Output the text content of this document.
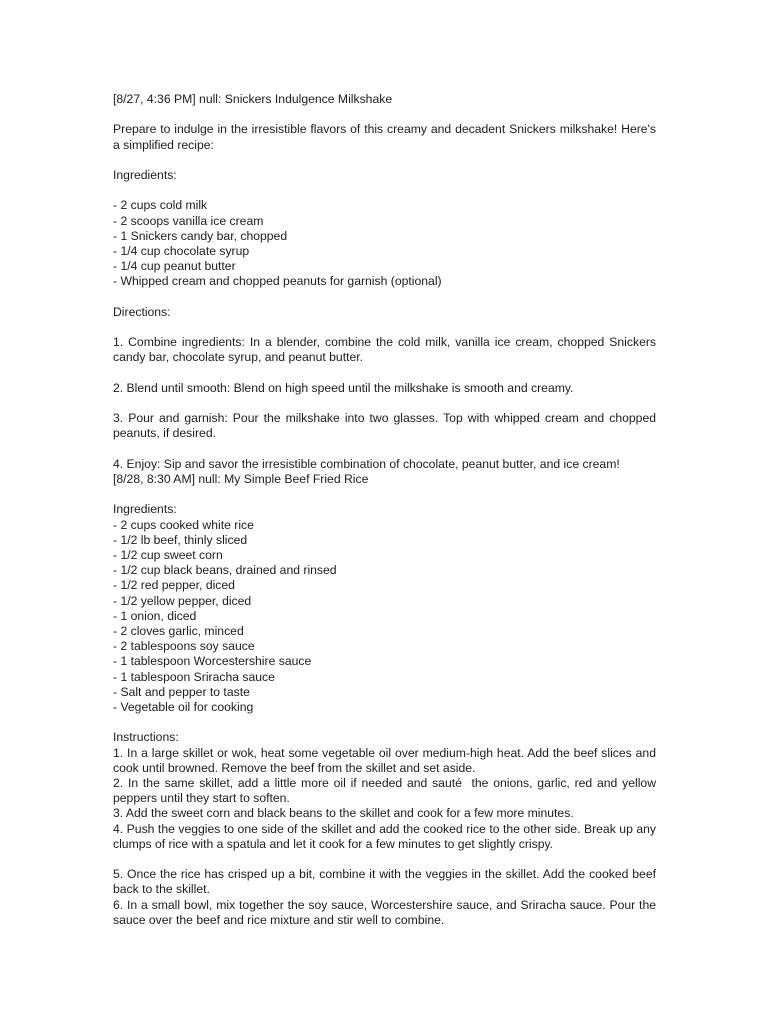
[8/27, 4:36 PM] null: Snickers Indulgence Milkshake
Prepare to indulge in the irresistible flavors of this creamy and decadent Snickers milkshake! Here's a simplified recipe:
Ingredients:
- 2 cups cold milk
- 2 scoops vanilla ice cream
- 1 Snickers candy bar, chopped
- 1/4 cup chocolate syrup
- 1/4 cup peanut butter
- Whipped cream and chopped peanuts for garnish (optional)
Directions:
1. Combine ingredients: In a blender, combine the cold milk, vanilla ice cream, chopped Snickers candy bar, chocolate syrup, and peanut butter.
2. Blend until smooth: Blend on high speed until the milkshake is smooth and creamy.
3. Pour and garnish: Pour the milkshake into two glasses. Top with whipped cream and chopped peanuts, if desired.
4. Enjoy: Sip and savor the irresistible combination of chocolate, peanut butter, and ice cream!
[8/28, 8:30 AM] null: My Simple Beef Fried Rice
Ingredients:
- 2 cups cooked white rice
- 1/2 lb beef, thinly sliced
- 1/2 cup sweet corn
- 1/2 cup black beans, drained and rinsed
- 1/2 red pepper, diced
- 1/2 yellow pepper, diced
- 1 onion, diced
- 2 cloves garlic, minced
- 2 tablespoons soy sauce
- 1 tablespoon Worcestershire sauce
- 1 tablespoon Sriracha sauce
- Salt and pepper to taste
- Vegetable oil for cooking
Instructions:
1. In a large skillet or wok, heat some vegetable oil over medium-high heat. Add the beef slices and cook until browned. Remove the beef from the skillet and set aside.
2. In the same skillet, add a little more oil if needed and sauté  the onions, garlic, red and yellow peppers until they start to soften.
3. Add the sweet corn and black beans to the skillet and cook for a few more minutes.
4. Push the veggies to one side of the skillet and add the cooked rice to the other side. Break up any clumps of rice with a spatula and let it cook for a few minutes to get slightly crispy.
5. Once the rice has crisped up a bit, combine it with the veggies in the skillet. Add the cooked beef back to the skillet.
6. In a small bowl, mix together the soy sauce, Worcestershire sauce, and Sriracha sauce. Pour the sauce over the beef and rice mixture and stir well to combine.
